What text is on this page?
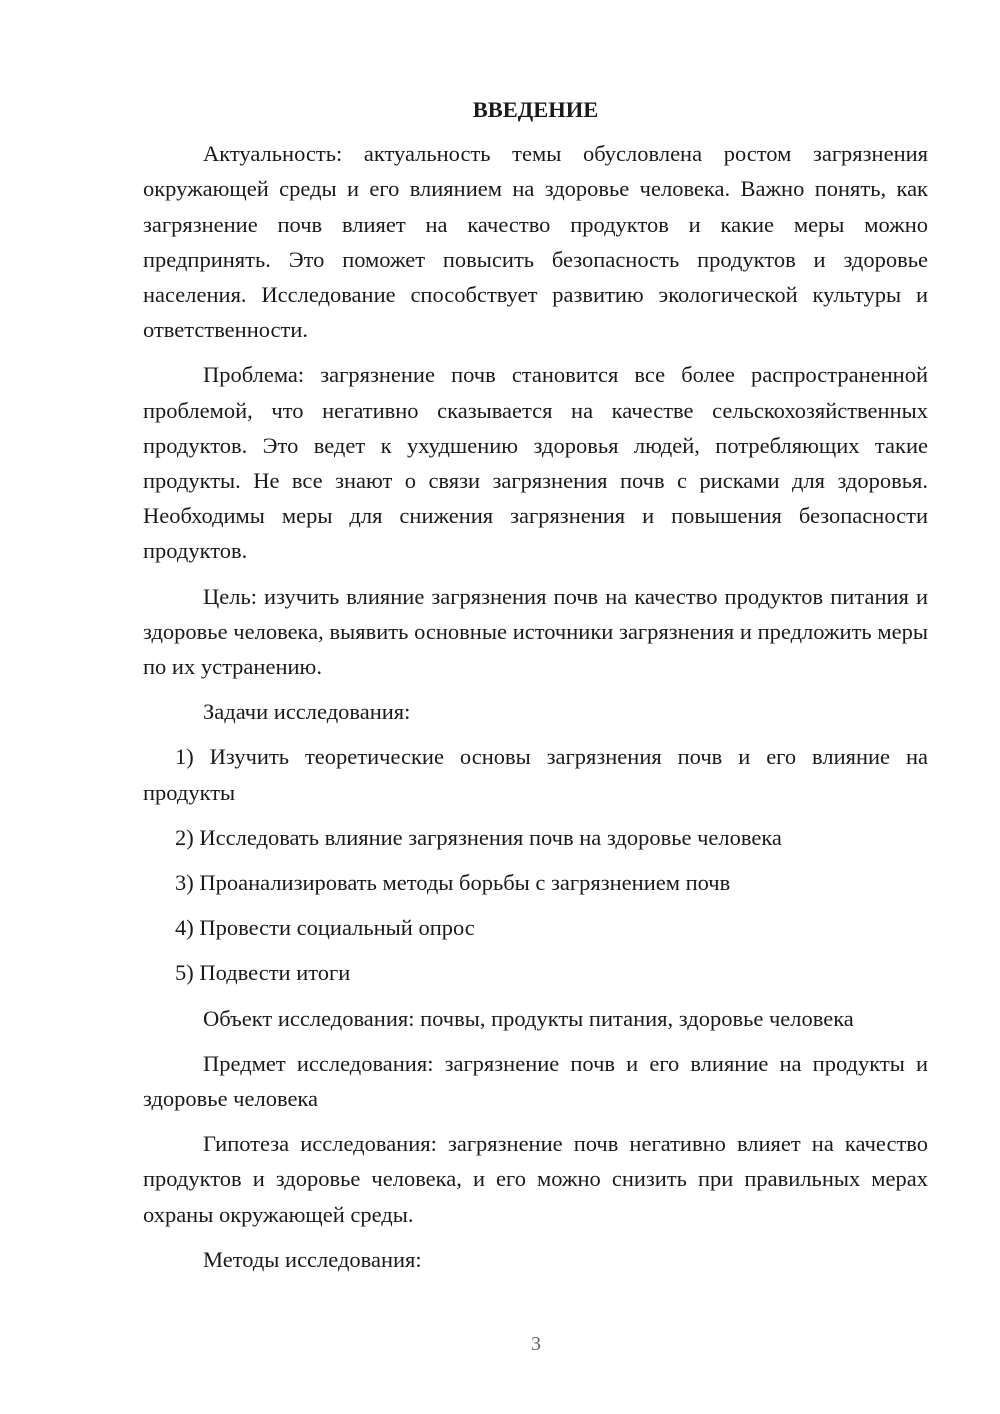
ВВЕДЕНИЕ

Актуальность: актуальность темы обусловлена ростом загрязнения окружающей среды и его влиянием на здоровье человека. Важно понять, как загрязнение почв влияет на качество продуктов и какие меры можно предпринять. Это поможет повысить безопасность продуктов и здоровье населения. Исследование способствует развитию экологической культуры и ответственности.

Проблема: загрязнение почв становится все более распространенной проблемой, что негативно сказывается на качестве сельскохозяйственных продуктов. Это ведет к ухудшению здоровья людей, потребляющих такие продукты. Не все знают о связи загрязнения почв с рисками для здоровья. Необходимы меры для снижения загрязнения и повышения безопасности продуктов.

Цель: изучить влияние загрязнения почв на качество продуктов питания и здоровье человека, выявить основные источники загрязнения и предложить меры по их устранению.

Задачи исследования:

1) Изучить теоретические основы загрязнения почв и его влияние на продукты

2) Исследовать влияние загрязнения почв на здоровье человека

3) Проанализировать методы борьбы с загрязнением почв

4) Провести социальный опрос

5) Подвести итоги

Объект исследования: почвы, продукты питания, здоровье человека

Предмет исследования: загрязнение почв и его влияние на продукты и здоровье человека

Гипотеза исследования: загрязнение почв негативно влияет на качество продуктов и здоровье человека, и его можно снизить при правильных мерах охраны окружающей среды.

Методы исследования:

3
